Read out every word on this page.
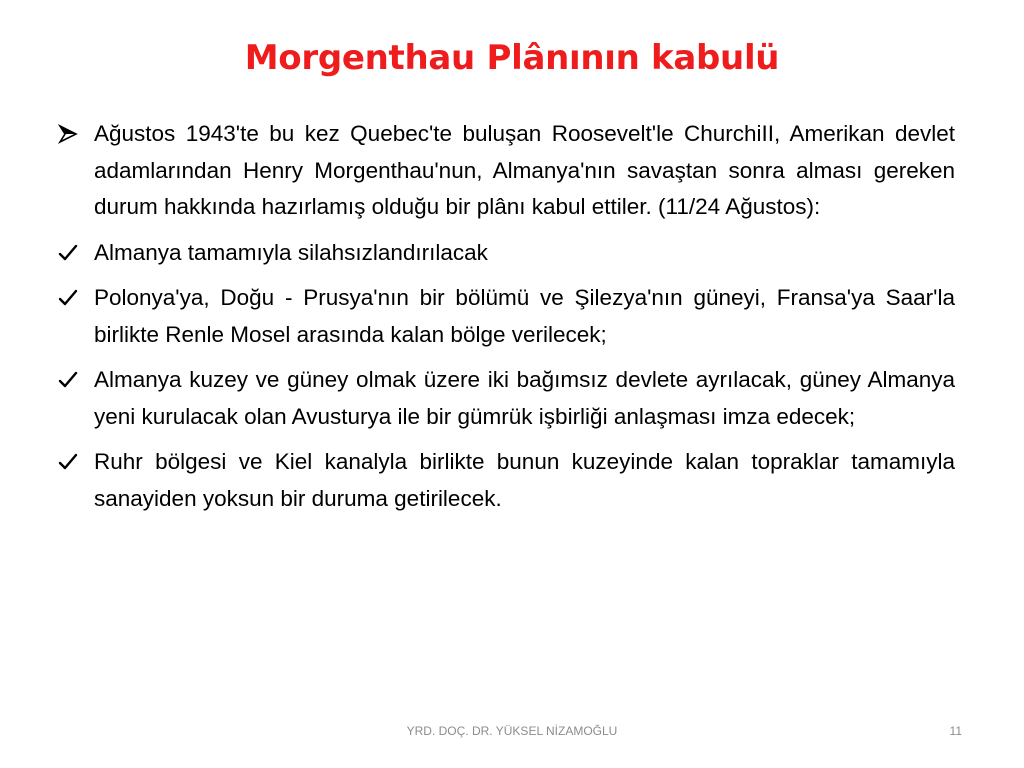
Morgenthau Plânının kabulü
Ağustos 1943'te bu kez Quebec'te buluşan Roosevelt'le ChurchiII, Amerikan devlet adamlarından Henry Morgenthau'nun, Almanya'nın savaştan sonra alması gereken durum hakkında hazırlamış olduğu bir plânı kabul ettiler. (11/24 Ağustos):
Almanya tamamıyla silahsızlandırılacak
Polonya'ya, Doğu - Prusya'nın bir bölümü ve Şilezya'nın güneyi, Fransa'ya Saar'la birlikte Renle Mosel arasında kalan bölge verilecek;
Almanya kuzey ve güney olmak üzere iki bağımsız devlete ayrılacak, güney Almanya yeni kurulacak olan Avusturya ile bir gümrük işbirliği anlaşması imza edecek;
Ruhr bölgesi ve Kiel kanalyla birlikte bunun kuzeyinde kalan topraklar tamamıyla sanayiden yoksun bir duruma getirilecek.

YRD. DOÇ. DR. YÜKSEL NİZAMOĞLU	11
